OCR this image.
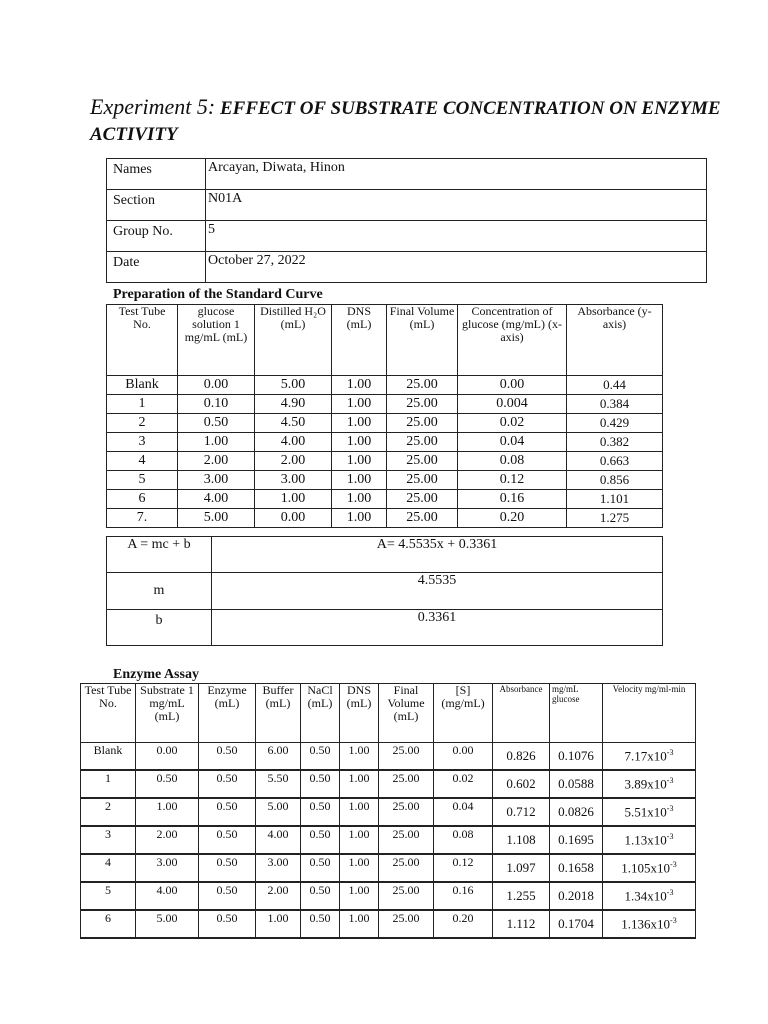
Experiment 5: EFFECT OF SUBSTRATE CONCENTRATION ON ENZYME ACTIVITY
Names	Arcayan, Diwata, Hinon
Section	N01A
Group No.	5
Date	October 27, 2022
Preparation of the Standard Curve
Test Tube No.	glucose solution 1 mg/mL (mL)	Distilled H₂O (mL)	DNS (mL)	Final Volume (mL)	Concentration of glucose (mg/mL) (x-axis)	Absorbance (y-axis)
Blank	0.00	5.00	1.00	25.00	0.00	0.44
1	0.10	4.90	1.00	25.00	0.004	0.384
2	0.50	4.50	1.00	25.00	0.02	0.429
3	1.00	4.00	1.00	25.00	0.04	0.382
4	2.00	2.00	1.00	25.00	0.08	0.663
5	3.00	3.00	1.00	25.00	0.12	0.856
6	4.00	1.00	1.00	25.00	0.16	1.101
7.	5.00	0.00	1.00	25.00	0.20	1.275
A = mc + b	A= 4.5535x + 0.3361
m	4.5535
b	0.3361
Enzyme Assay
Test Tube No.	Substrate 1 mg/mL (mL)	Enzyme (mL)	Buffer (mL)	NaCl (mL)	DNS (mL)	Final Volume (mL)	[S] (mg/mL)	Absorbance	mg/mL glucose	Velocity mg/ml-min
Blank	0.00	0.50	6.00	0.50	1.00	25.00	0.00	0.826	0.1076	$7.17x10^{-3}$
1	0.50	0.50	5.50	0.50	1.00	25.00	0.02	0.602	0.0588	$3.89x10^{-3}$
2	1.00	0.50	5.00	0.50	1.00	25.00	0.04	0.712	0.0826	$5.51x10^{-3}$
3	2.00	0.50	4.00	0.50	1.00	25.00	0.08	1.108	0.1695	$1.13x10^{-3}$
4	3.00	0.50	3.00	0.50	1.00	25.00	0.12	1.097	0.1658	$1.105x10^{-3}$
5	4.00	0.50	2.00	0.50	1.00	25.00	0.16	1.255	0.2018	$1.34x10^{-3}$
6	5.00	0.50	1.00	0.50	1.00	25.00	0.20	1.112	0.1704	$1.136x10^{-3}$
